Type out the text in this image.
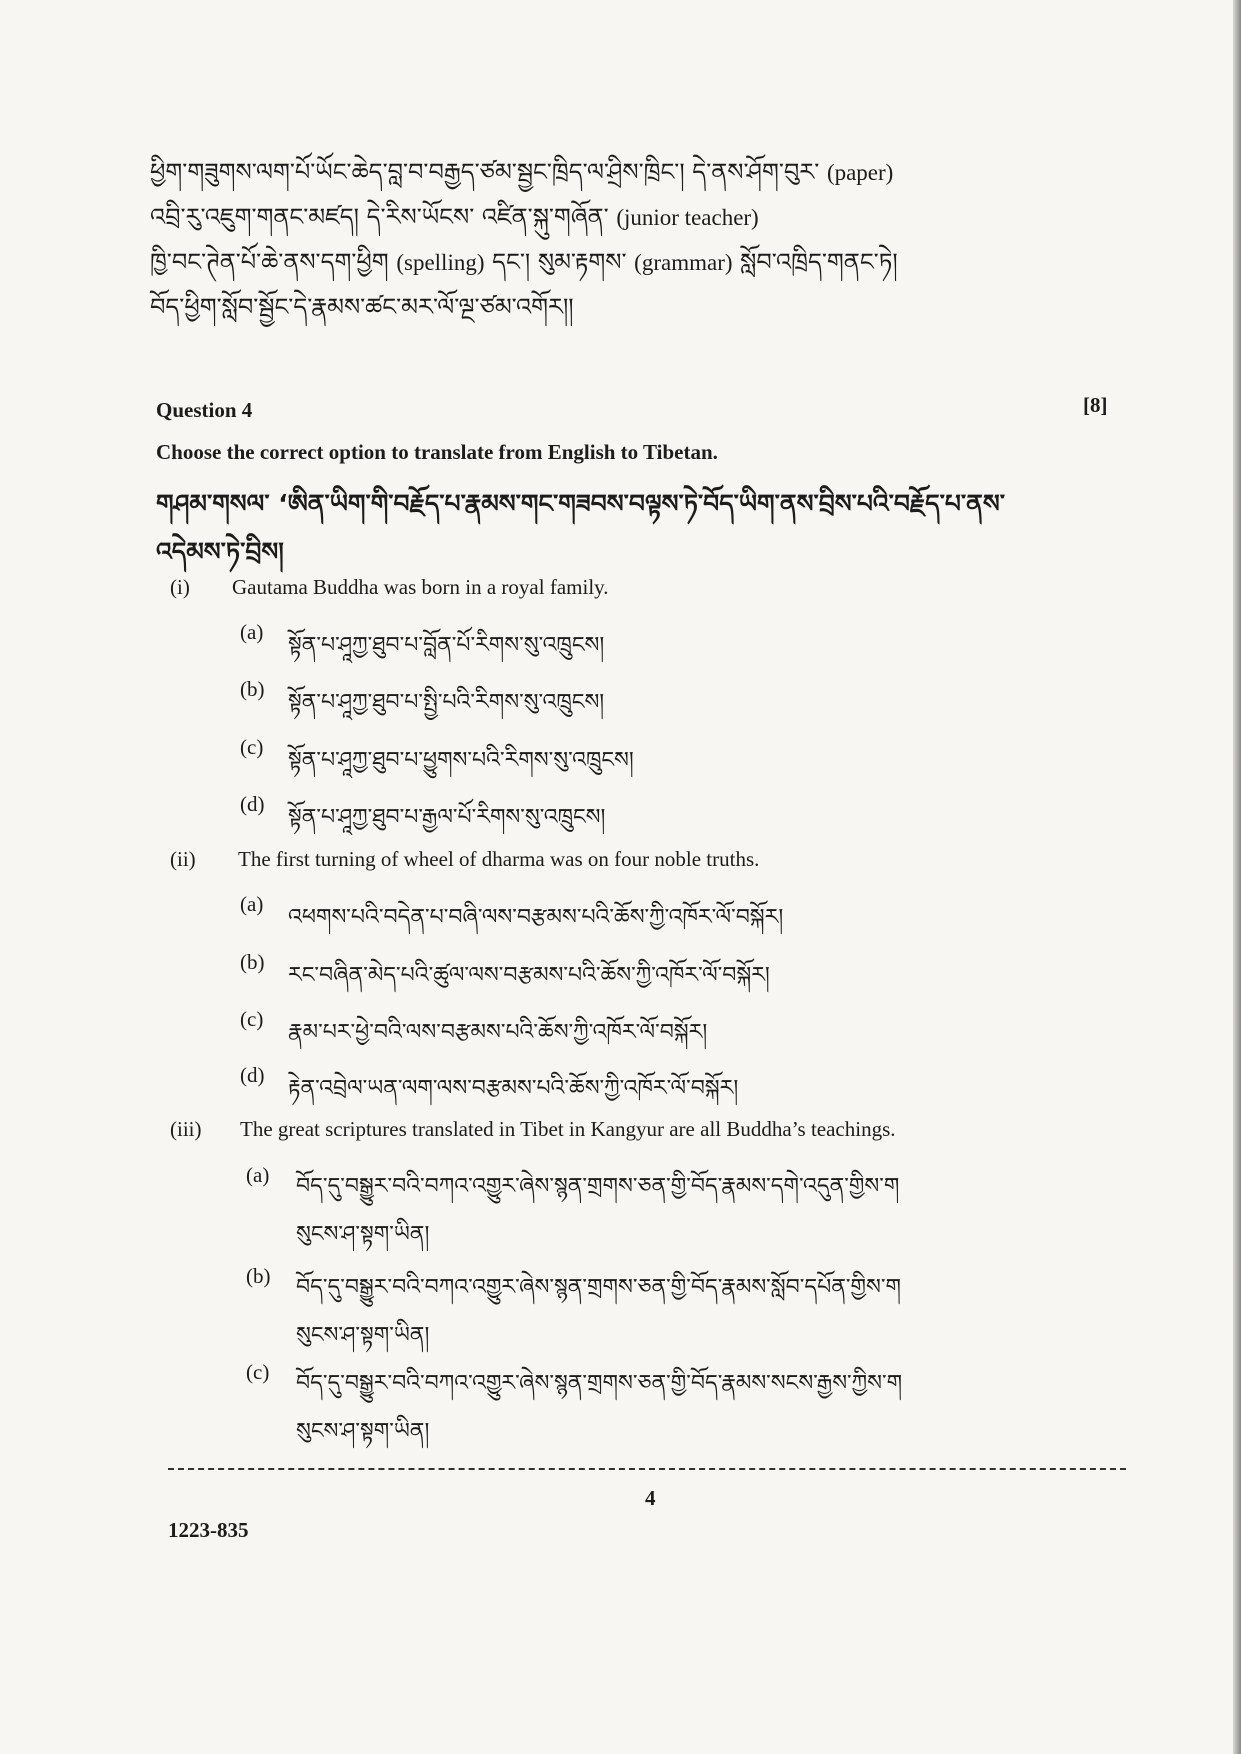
ཕྱིག་གཟུགས་ལག་པོ་ཡོང་ཆེད་བླ་བ་བརྒྱད་ཙམ་སྦྱང་ཁྲིད་ལ་ཤྲིས་ཁྲིང་། དེ་ནས་ཤོག་བུར་ (paper)
འབྲི་རུ་འཇུག་གནང་མཛད། དེ་རིས་ཡོངས་ འཛིན་སྐུ་གཞོན་ (junior teacher)
ཁྱི་བང་ཊེན་པོ་ཆེ་ནས་དག་ཕྱིག (spelling) དང་། སུམ་རྟགས་ (grammar) སློབ་འཁྲིད་གནང་ཏེ།
བོད་ཕྱིག་སློབ་སྦྱོང་དེ་རྣམས་ཚང་མར་ལོ་ལྔ་ཙམ་འགོར།།
Question 4	[8]
Choose the correct option to translate from English to Tibetan.
གཤམ་གསལ་ ‘ཨིན་ཡིག་གི་བརྗོད་པ་རྣམས་གང་གཟབས་བལྟས་ཏེ་བོད་ཡིག་ནས་བྲིས་པའི་བརྗོད་པ་ནས་འདེམས་ཏེ་བྲིས།
(i) Gautama Buddha was born in a royal family.
(a)
སྟོན་པ་ཤཱཀྱ་ཐུབ་པ་བློན་པོ་རིགས་སུ་འཁྲུངས།
(b)
སྟོན་པ་ཤཱཀྱ་ཐུབ་པ་སྤྱི་པའི་རིགས་སུ་འཁྲུངས།
(c)
སྟོན་པ་ཤཱཀྱ་ཐུབ་པ་ཕྱུགས་པའི་རིགས་སུ་འཁྲུངས།
(d)
སྟོན་པ་ཤཱཀྱ་ཐུབ་པ་རྒྱལ་པོ་རིགས་སུ་འཁྲུངས།
(ii) The first turning of wheel of dharma was on four noble truths.
(a)
འཕགས་པའི་བདེན་པ་བཞི་ལས་བརྩམས་པའི་ཆོས་ཀྱི་འཁོར་ལོ་བསྐོར།
(b)
རང་བཞིན་མེད་པའི་ཚུལ་ལས་བརྩམས་པའི་ཆོས་ཀྱི་འཁོར་ལོ་བསྐོར།
(c)
རྣམ་པར་ཕྱེ་བའི་ལས་བརྩམས་པའི་ཆོས་ཀྱི་འཁོར་ལོ་བསྐོར།
(d)
རྟེན་འབྲེལ་ཡན་ལག་ལས་བརྩམས་པའི་ཆོས་ཀྱི་འཁོར་ལོ་བསྐོར།
(iii) The great scriptures translated in Tibet in Kangyur are all Buddha’s teachings.
(a) བོད་དུ་བསྒྱུར་བའི་བཀའ་འགྱུར་ཞེས་སྙན་གྲགས་ཅན་གྱི་བོད་རྣམས་དགེ་འདུན་གྱིས་ག
སུངས་ཤ་སྟག་ཡིན།
(b) བོད་དུ་བསྒྱུར་བའི་བཀའ་འགྱུར་ཞེས་སྙན་གྲགས་ཅན་གྱི་བོད་རྣམས་སློབ་དཔོན་གྱིས་ག
སུངས་ཤ་སྟག་ཡིན།
(c) བོད་དུ་བསྒྱུར་བའི་བཀའ་འགྱུར་ཞེས་སྙན་གྲགས་ཅན་གྱི་བོད་རྣམས་སངས་རྒྱས་ཀྱིས་ག
སུངས་ཤ་སྟག་ཡིན།
4
1223-835
